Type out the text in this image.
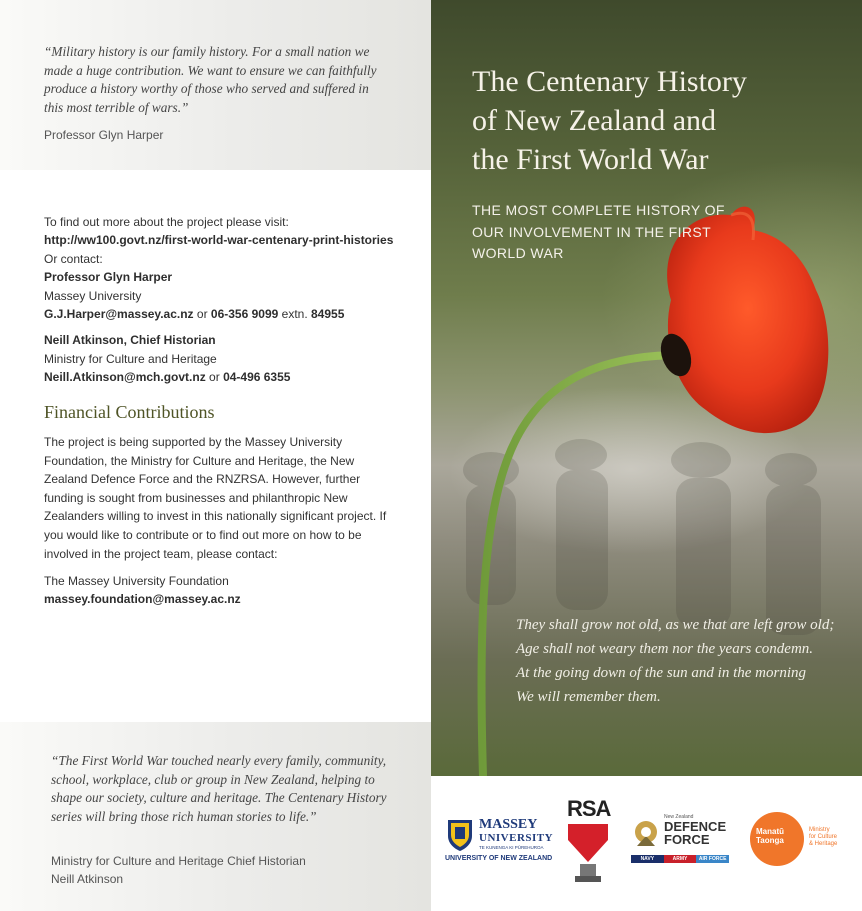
“Military history is our family history. For a small nation we made a huge contribution. We want to ensure we can faithfully produce a history worthy of those who served and suffered in this most terrible of wars.”

Professor Glyn Harper

To find out more about the project please visit:

http://ww100.govt.nz/first-world-war-centenary-print-histories

Or contact:

Professor Glyn Harper

Massey University

G.J.Harper@massey.ac.nz or 06-356 9099 extn. 84955

Neill Atkinson, Chief Historian

Ministry for Culture and Heritage

Neill.Atkinson@mch.govt.nz or 04-496 6355

Financial Contributions

The project is being supported by the Massey University Foundation, the Ministry for Culture and Heritage, the New Zealand Defence Force and the RNZRSA. However, further funding is sought from businesses and philanthropic New Zealanders willing to invest in this nationally significant project. If you would like to contribute or to find out more on how to be involved in the project team, please contact:

The Massey University Foundation

massey.foundation@massey.ac.nz

“The First World War touched nearly every family, community, school, workplace, club or group in New Zealand, helping to shape our society, culture and heritage. The Centenary History series will bring those rich human stories to life.”

Ministry for Culture and Heritage Chief Historian
Neill Atkinson
The Centenary History
of New Zealand and
the First World War

THE MOST COMPLETE HISTORY OF
OUR INVOLVEMENT IN THE FIRST
WORLD WAR

They shall grow not old, as we that are left grow old;
Age shall not weary them nor the years condemn.
At the going down of the sun and in the morning
We will remember them.

MASSEY
UNIVERSITY
TE KUNENGA KI PŪREHUROA
UNIVERSITY OF NEW ZEALAND
RSA	New Zealand
DEFENCE
FORCE
NAVY	ARMY	AIR FORCE
Manatū
Taonga
Ministry
for Culture
& Heritage
